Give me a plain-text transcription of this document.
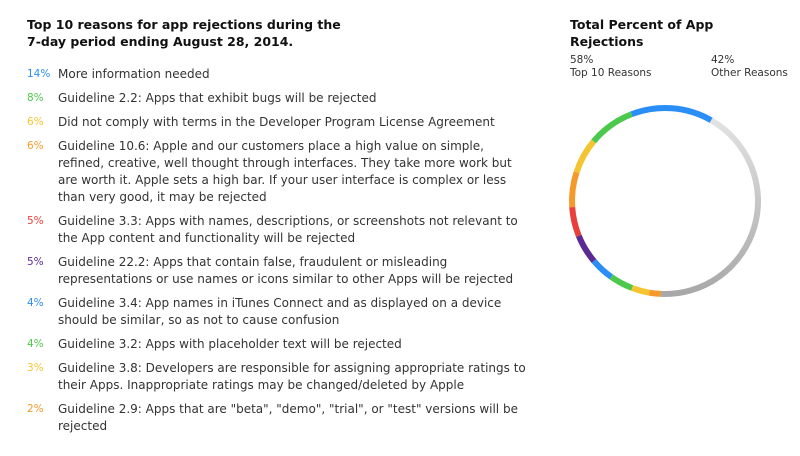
Top 10 reasons for app rejections during the
7-day period ending August 28, 2014.
14% More information needed
8%	Guideline 2.2: Apps that exhibit bugs will be rejected
6%	Did not comply with terms in the Developer Program License Agreement
6%	Guideline 10.6: Apple and our customers place a high value on simple, refined, creative, well thought through interfaces. They take more work but are worth it. Apple sets a high bar. If your user interface is complex or less than very good, it may be rejected
5%	Guideline 3.3: Apps with names, descriptions, or screenshots not relevant to the App content and functionality will be rejected
5%	Guideline 22.2: Apps that contain false, fraudulent or misleading representations or use names or icons similar to other Apps will be rejected
4%	Guideline 3.4: App names in iTunes Connect and as displayed on a device should be similar, so as not to cause confusion
4%	Guideline 3.2: Apps with placeholder text will be rejected
3%	Guideline 3.8: Developers are responsible for assigning appropriate ratings to their Apps. Inappropriate ratings may be changed/deleted by Apple
2%	Guideline 2.9: Apps that are "beta", "demo", "trial", or "test" versions will be rejected
Total Percent of App Rejections
58%
Top 10 Reasons
42%
Other Reasons
